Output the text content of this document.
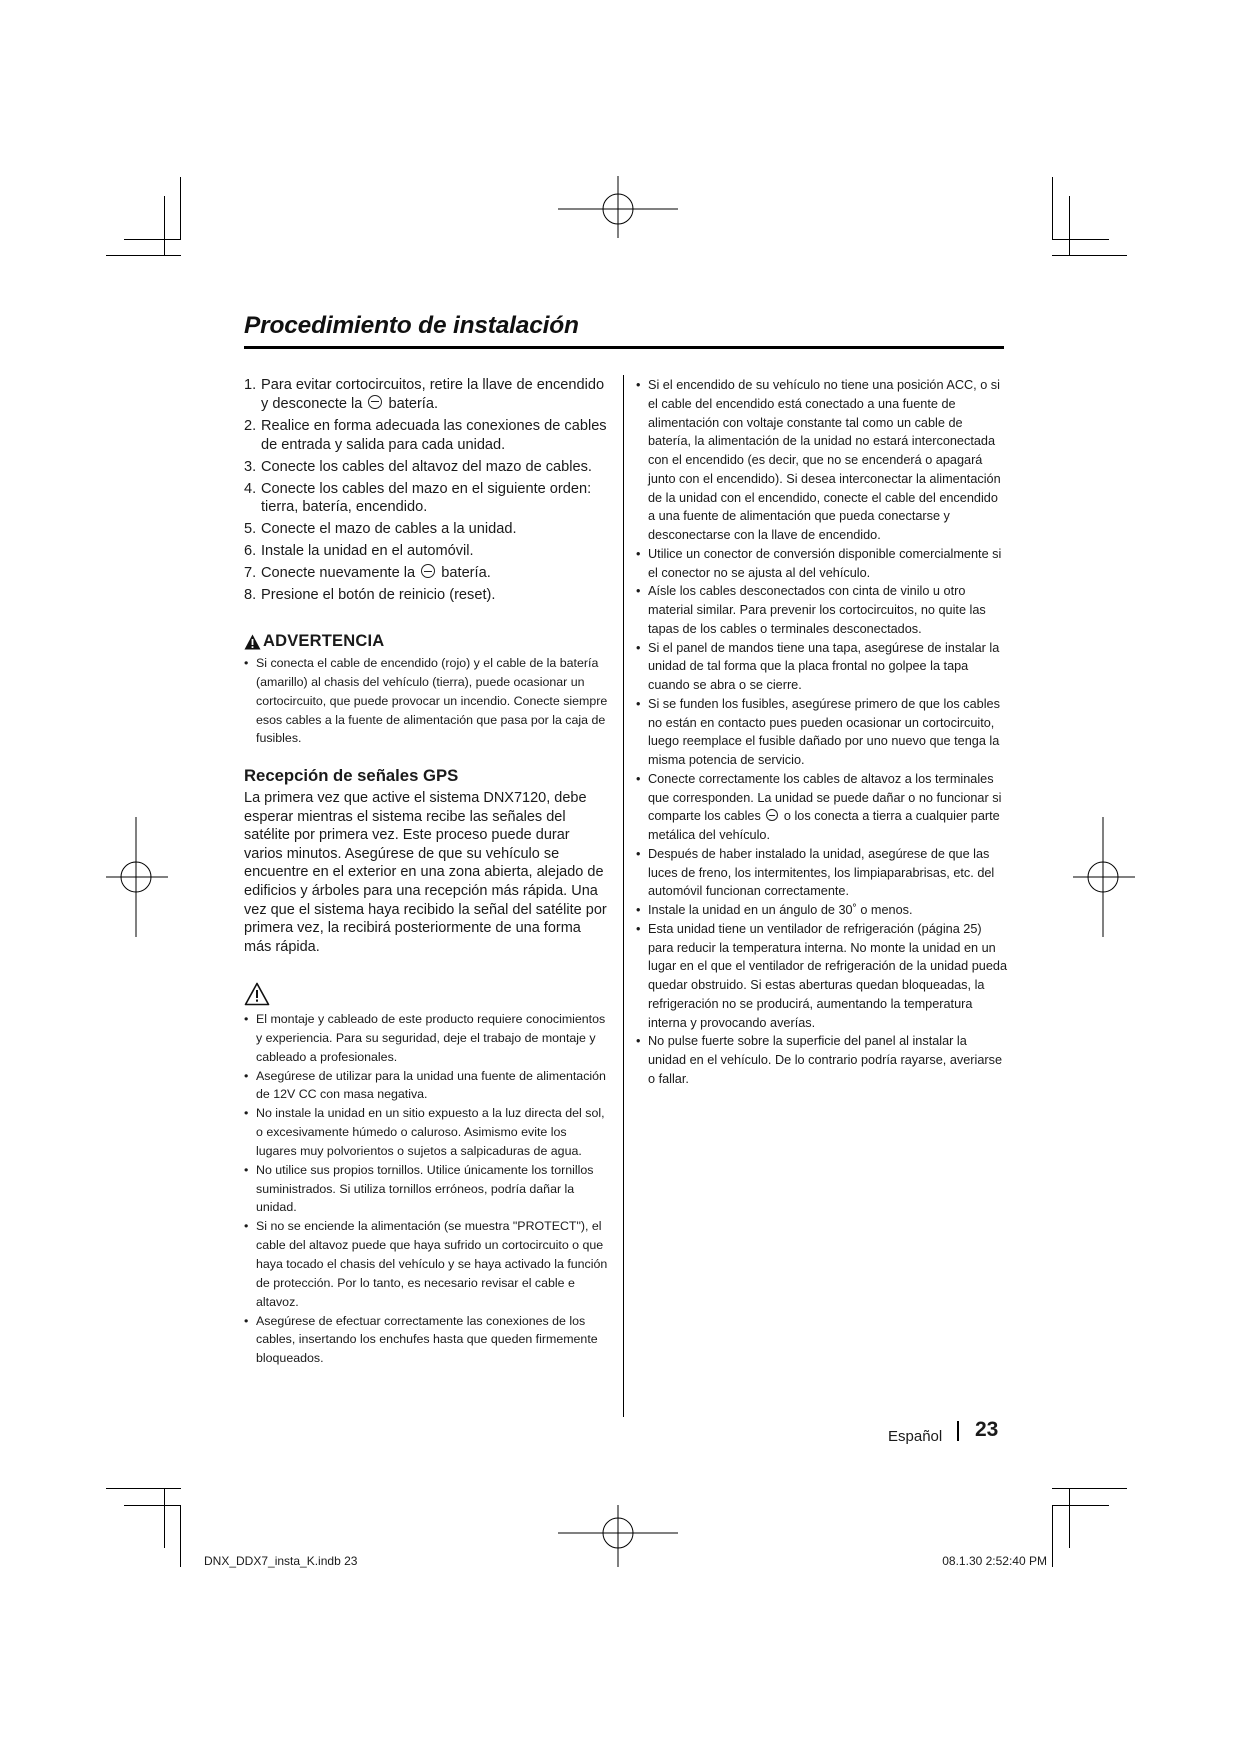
Procedimiento de instalación
1. Para evitar cortocircuitos, retire la llave de encendido y desconecte la batería.
2. Realice en forma adecuada las conexiones de cables de entrada y salida para cada unidad.
3. Conecte los cables del altavoz del mazo de cables.
4. Conecte los cables del mazo en el siguiente orden: tierra, batería, encendido.
5. Conecte el mazo de cables a la unidad.
6. Instale la unidad en el automóvil.
7. Conecte nuevamente la batería.
8. Presione el botón de reinicio (reset).
ADVERTENCIA
• Si conecta el cable de encendido (rojo) y el cable de la batería (amarillo) al chasis del vehículo (tierra), puede ocasionar un cortocircuito, que puede provocar un incendio. Conecte siempre esos cables a la fuente de alimentación que pasa por la caja de fusibles.
Recepción de señales GPS
La primera vez que active el sistema DNX7120, debe esperar mientras el sistema recibe las señales del satélite por primera vez. Este proceso puede durar varios minutos. Asegúrese de que su vehículo se encuentre en el exterior en una zona abierta, alejado de edificios y árboles para una recepción más rápida. Una vez que el sistema haya recibido la señal del satélite por primera vez, la recibirá posteriormente de una forma más rápida.
• El montaje y cableado de este producto requiere conocimientos y experiencia. Para su seguridad, deje el trabajo de montaje y cableado a profesionales.
• Asegúrese de utilizar para la unidad una fuente de alimentación de 12V CC con masa negativa.
• No instale la unidad en un sitio expuesto a la luz directa del sol, o excesivamente húmedo o caluroso. Asimismo evite los lugares muy polvorientos o sujetos a salpicaduras de agua.
• No utilice sus propios tornillos. Utilice únicamente los tornillos suministrados. Si utiliza tornillos erróneos, podría dañar la unidad.
• Si no se enciende la alimentación (se muestra "PROTECT"), el cable del altavoz puede que haya sufrido un cortocircuito o que haya tocado el chasis del vehículo y se haya activado la función de protección. Por lo tanto, es necesario revisar el cable e altavoz.
• Asegúrese de efectuar correctamente las conexiones de los cables, insertando los enchufes hasta que queden firmemente bloqueados.
• Si el encendido de su vehículo no tiene una posición ACC, o si el cable del encendido está conectado a una fuente de alimentación con voltaje constante tal como un cable de batería, la alimentación de la unidad no estará interconectada con el encendido (es decir, que no se encenderá o apagará junto con el encendido). Si desea interconectar la alimentación de la unidad con el encendido, conecte el cable del encendido a una fuente de alimentación que pueda conectarse y desconectarse con la llave de encendido.
• Utilice un conector de conversión disponible comercialmente si el conector no se ajusta al del vehículo.
• Aísle los cables desconectados con cinta de vinilo u otro material similar. Para prevenir los cortocircuitos, no quite las tapas de los cables o terminales desconectados.
• Si el panel de mandos tiene una tapa, asegúrese de instalar la unidad de tal forma que la placa frontal no golpee la tapa cuando se abra o se cierre.
• Si se funden los fusibles, asegúrese primero de que los cables no están en contacto pues pueden ocasionar un cortocircuito, luego reemplace el fusible dañado por uno nuevo que tenga la misma potencia de servicio.
• Conecte correctamente los cables de altavoz a los terminales que corresponden. La unidad se puede dañar o no funcionar si comparte los cables o los conecta a tierra a cualquier parte metálica del vehículo.
• Después de haber instalado la unidad, asegúrese de que las luces de freno, los intermitentes, los limpiaparabrisas, etc. del automóvil funcionan correctamente.
• Instale la unidad en un ángulo de 30˚ o menos.
• Esta unidad tiene un ventilador de refrigeración (página 25) para reducir la temperatura interna. No monte la unidad en un lugar en el que el ventilador de refrigeración de la unidad pueda quedar obstruido. Si estas aberturas quedan bloqueadas, la refrigeración no se producirá, aumentando la temperatura interna y provocando averías.
• No pulse fuerte sobre la superficie del panel al instalar la unidad en el vehículo. De lo contrario podría rayarse, averiarse o fallar.
Español 23
DNX_DDX7_insta_K.indb 23	08.1.30 2:52:40 PM
